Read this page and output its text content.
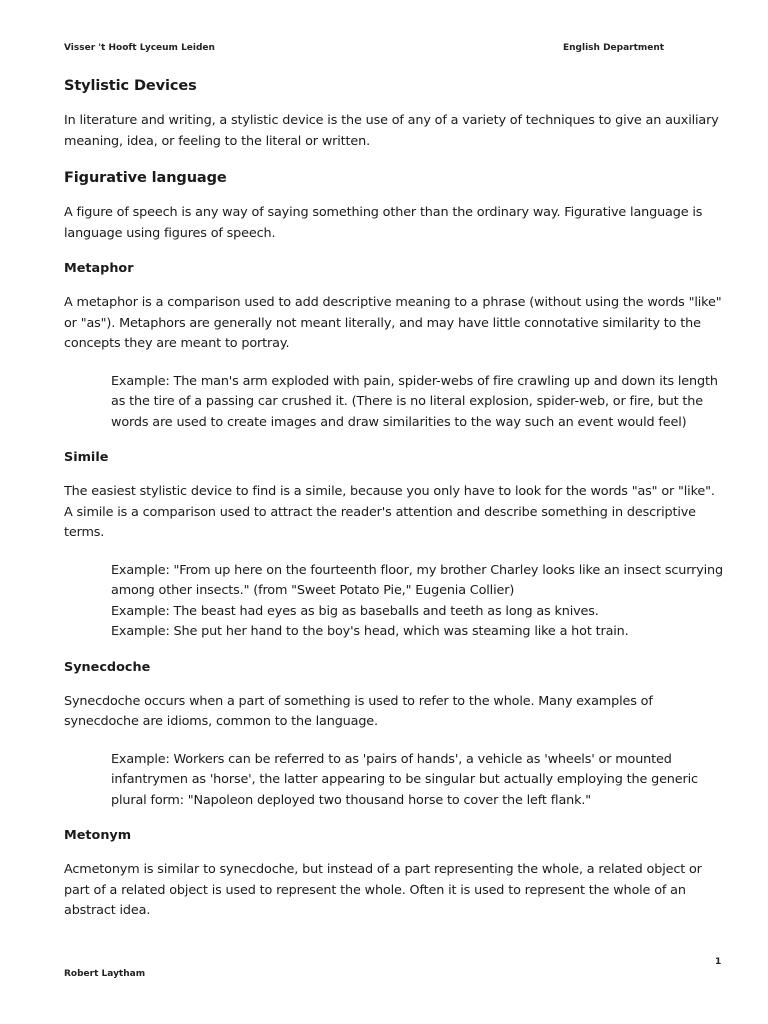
Visser 't Hooft Lyceum Leiden	English Department
Stylistic Devices

In literature and writing, a stylistic device is the use of any of a variety of techniques to give an auxiliary meaning, idea, or feeling to the literal or written.

Figurative language

A figure of speech is any way of saying something other than the ordinary way. Figurative language is language using figures of speech.

Metaphor

A metaphor is a comparison used to add descriptive meaning to a phrase (without using the words "like" or "as"). Metaphors are generally not meant literally, and may have little connotative similarity to the concepts they are meant to portray.

Example: The man's arm exploded with pain, spider-webs of fire crawling up and down its length as the tire of a passing car crushed it. (There is no literal explosion, spider-web, or fire, but the words are used to create images and draw similarities to the way such an event would feel)
Simile

The easiest stylistic device to find is a simile, because you only have to look for the words "as" or "like". A simile is a comparison used to attract the reader's attention and describe something in descriptive terms.

Example: "From up here on the fourteenth floor, my brother Charley looks like an insect scurrying among other insects." (from "Sweet Potato Pie," Eugenia Collier)
Example: The beast had eyes as big as baseballs and teeth as long as knives.
Example: She put her hand to the boy's head, which was steaming like a hot train.
Synecdoche

Synecdoche occurs when a part of something is used to refer to the whole. Many examples of synecdoche are idioms, common to the language.

Example: Workers can be referred to as 'pairs of hands', a vehicle as 'wheels' or mounted infantrymen as 'horse', the latter appearing to be singular but actually employing the generic plural form: "Napoleon deployed two thousand horse to cover the left flank."
Metonym

Acmetonym is similar to synecdoche, but instead of a part representing the whole, a related object or part of a related object is used to represent the whole. Often it is used to represent the whole of an abstract idea.

1
Robert Laytham
